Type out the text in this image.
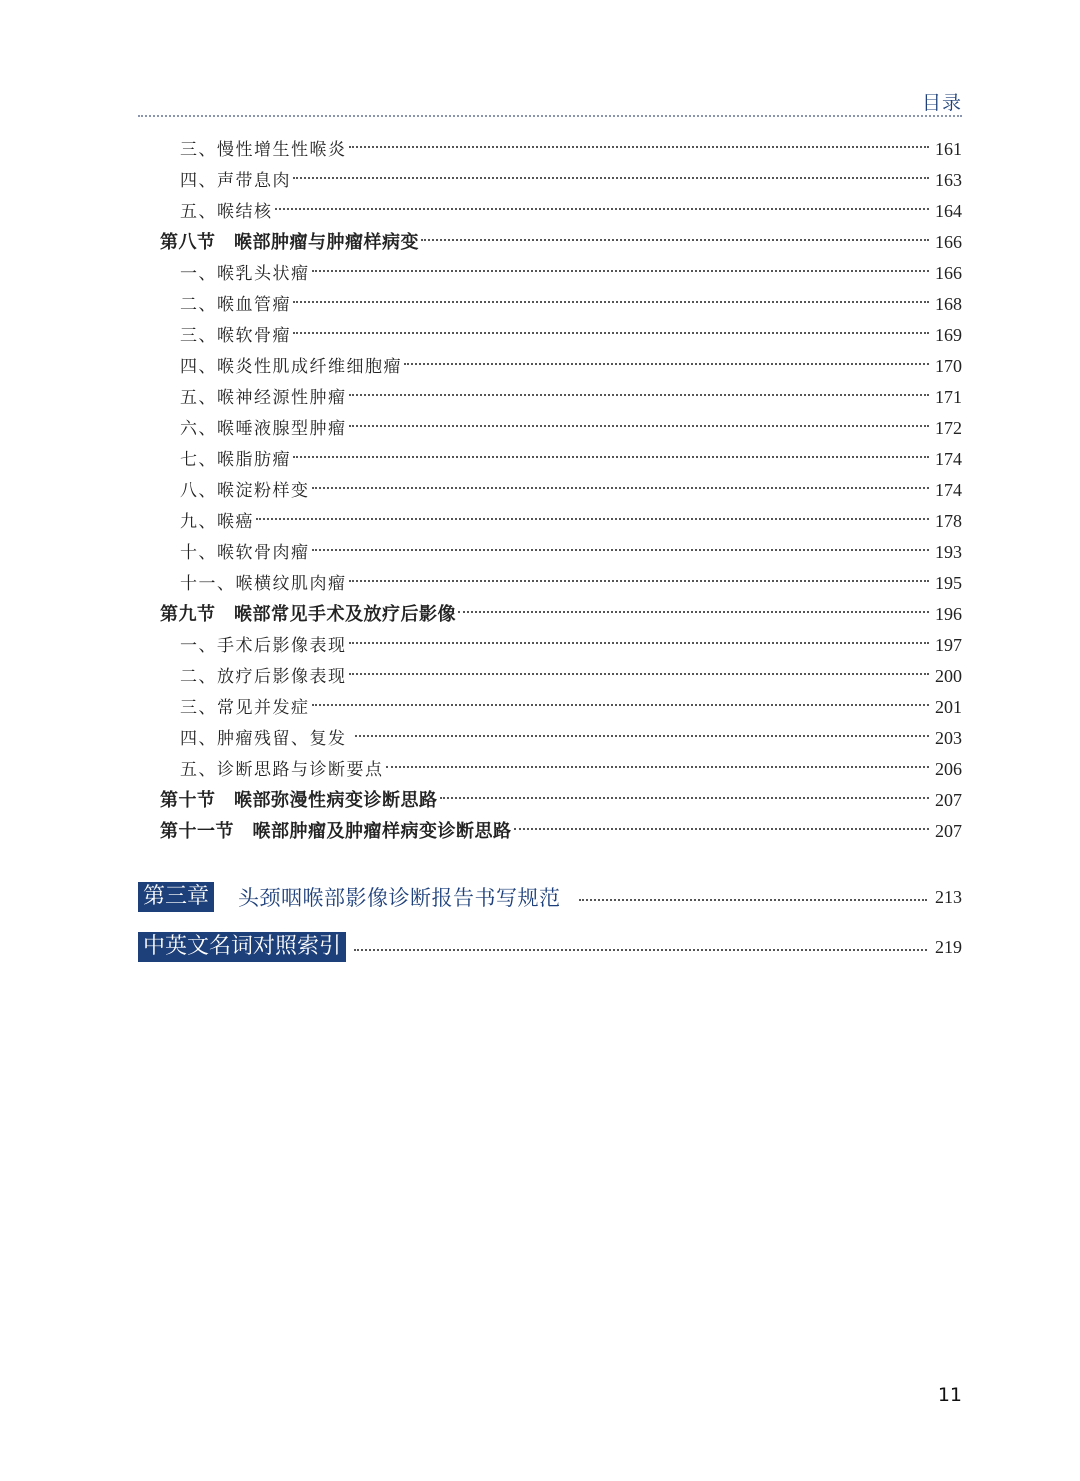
目录
三、慢性增生性喉炎	161
四、声带息肉	163
五、喉结核	164
第八节　喉部肿瘤与肿瘤样病变	166
一、喉乳头状瘤	166
二、喉血管瘤	168
三、喉软骨瘤	169
四、喉炎性肌成纤维细胞瘤	170
五、喉神经源性肿瘤	171
六、喉唾液腺型肿瘤	172
七、喉脂肪瘤	174
八、喉淀粉样变	174
九、喉癌	178
十、喉软骨肉瘤	193
十一、喉横纹肌肉瘤	195
第九节　喉部常见手术及放疗后影像	196
一、手术后影像表现	197
二、放疗后影像表现	200
三、常见并发症	201
四、肿瘤残留、复发	203
五、诊断思路与诊断要点	206
第十节　喉部弥漫性病变诊断思路	207
第十一节　喉部肿瘤及肿瘤样病变诊断思路	207
第三章 头颈咽喉部影像诊断报告书写规范	213
中英文名词对照索引	219
11
